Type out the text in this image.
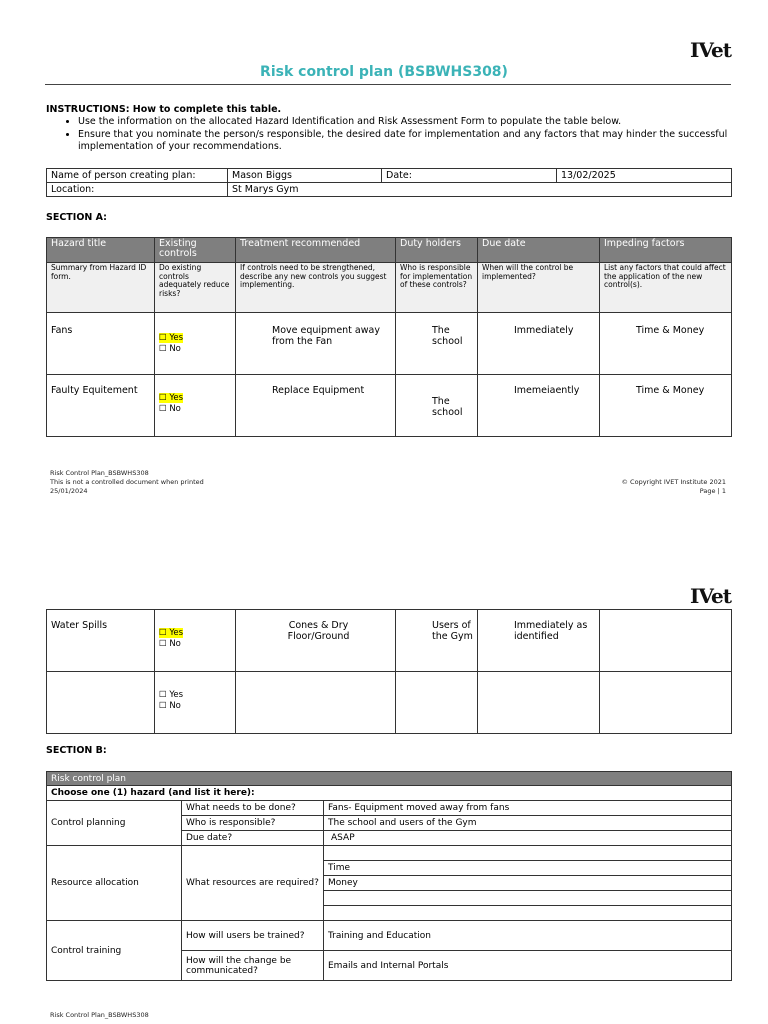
IVet
IVet
Risk control plan (BSBWHS308)
INSTRUCTIONS: How to complete this table.
• Use the information on the allocated Hazard Identification and Risk Assessment Form to populate the table below.
• Ensure that you nominate the person/s responsible, the desired date for implementation and any factors that may hinder the successful implementation of your recommendations.
Name of person creating plan:	Mason Biggs	Date:	13/02/2025
Location:	St Marys Gym		
SECTION A:
Hazard title	Existing controls	Treatment recommended	Duty holders	Due date	Impeding factors
Summary from Hazard ID form.	Do existing controls adequately reduce risks?	If controls need to be strengthened, describe any new controls you suggest implementing.	Who is responsible for implementation of these controls?	When will the control be implemented?	List any factors that could affect the application of the new control(s).
Fans	☐ Yes
☐ No	Move equipment away from the Fan	The school	Immediately	Time & Money
Faulty Equitement	☐ Yes
☐ No	Replace Equipment	The school	Imemeiaently	Time & Money
Risk Control Plan_BSBWHS308
This is not a controlled document when printed
25/01/2024
© Copyright IVET Institute 2021
Page | 1
Water Spills	☐ Yes
☐ No	Cones & Dry Floor/Ground	Users of the Gym	Immediately as identified	

	☐ Yes
☐ No				

SECTION B:
Risk control plan		
Choose one (1) hazard (and list it here):		
Control planning	What needs to be done?	Fans- Equipment moved away from fans
	Who is responsible?	The school and users of the Gym
	Due date?	ASAP
Resource allocation	What resources are required?	
		Time
		Money

Control training	How will users be trained?	Training and Education
	How will the change be communicated?	Emails and Internal Portals
Risk Control Plan_BSBWHS308
